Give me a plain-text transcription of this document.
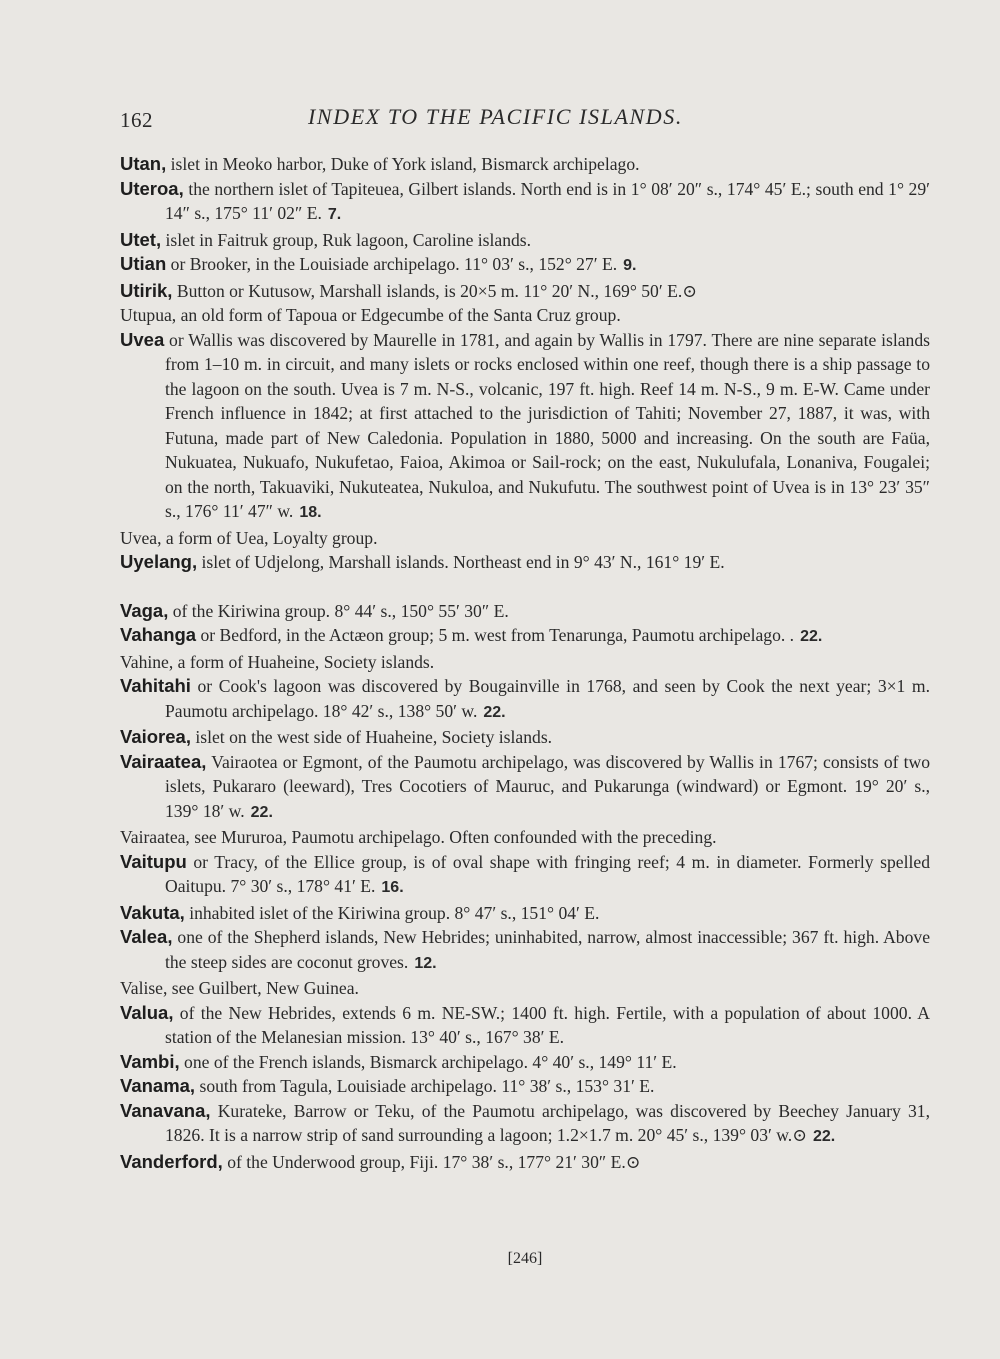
162	INDEX TO THE PACIFIC ISLANDS.

Utan, islet in Meoko harbor, Duke of York island, Bismarck archipelago.

Uteroa, the northern islet of Tapiteuea, Gilbert islands. North end is in 1° 08′ 20″ s., 174° 45′ E.; south end 1° 29′ 14″ s., 175° 11′ 02″ E. 7.

Utet, islet in Faitruk group, Ruk lagoon, Caroline islands.

Utian or Brooker, in the Louisiade archipelago. 11° 03′ s., 152° 27′ E. 9.

Utirik, Button or Kutusow, Marshall islands, is 20×5 m. 11° 20′ N., 169° 50′ E.⊙

Utupua, an old form of Tapoua or Edgecumbe of the Santa Cruz group.

Uvea or Wallis was discovered by Maurelle in 1781, and again by Wallis in 1797. There are nine separate islands from 1–10 m. in circuit, and many islets or rocks enclosed within one reef, though there is a ship passage to the lagoon on the south. Uvea is 7 m. N-S., volcanic, 197 ft. high. Reef 14 m. N-S., 9 m. E-W. Came under French influence in 1842; at first attached to the jurisdiction of Tahiti; November 27, 1887, it was, with Futuna, made part of New Caledonia. Population in 1880, 5000 and increasing. On the south are Faüa, Nukuatea, Nukuafo, Nukufetao, Faioa, Akimoa or Sail-rock; on the east, Nukulufala, Lonaniva, Fougalei; on the north, Takuaviki, Nukuteatea, Nukuloa, and Nukufutu. The southwest point of Uvea is in 13° 23′ 35″ s., 176° 11′ 47″ w. 18.

Uvea, a form of Uea, Loyalty group.

Uyelang, islet of Udjelong, Marshall islands. Northeast end in 9° 43′ N., 161° 19′ E.

Vaga, of the Kiriwina group. 8° 44′ s., 150° 55′ 30″ E.

Vahanga or Bedford, in the Actæon group; 5 m. west from Tenarunga, Paumotu archipelago. . 22.

Vahine, a form of Huaheine, Society islands.

Vahitahi or Cook's lagoon was discovered by Bougainville in 1768, and seen by Cook the next year; 3×1 m. Paumotu archipelago. 18° 42′ s., 138° 50′ w. 22.

Vaiorea, islet on the west side of Huaheine, Society islands.

Vairaatea, Vairaotea or Egmont, of the Paumotu archipelago, was discovered by Wallis in 1767; consists of two islets, Pukararo (leeward), Tres Cocotiers of Mauruc, and Pukarunga (windward) or Egmont. 19° 20′ s., 139° 18′ w. 22.

Vairaatea, see Mururoa, Paumotu archipelago. Often confounded with the preceding.

Vaitupu or Tracy, of the Ellice group, is of oval shape with fringing reef; 4 m. in diameter. Formerly spelled Oaitupu. 7° 30′ s., 178° 41′ E. 16.

Vakuta, inhabited islet of the Kiriwina group. 8° 47′ s., 151° 04′ E.

Valea, one of the Shepherd islands, New Hebrides; uninhabited, narrow, almost inaccessible; 367 ft. high. Above the steep sides are coconut groves. 12.

Valise, see Guilbert, New Guinea.

Valua, of the New Hebrides, extends 6 m. NE-SW.; 1400 ft. high. Fertile, with a population of about 1000. A station of the Melanesian mission. 13° 40′ s., 167° 38′ E.

Vambi, one of the French islands, Bismarck archipelago. 4° 40′ s., 149° 11′ E.

Vanama, south from Tagula, Louisiade archipelago. 11° 38′ s., 153° 31′ E.

Vanavana, Kurateke, Barrow or Teku, of the Paumotu archipelago, was discovered by Beechey January 31, 1826. It is a narrow strip of sand surrounding a lagoon; 1.2×1.7 m. 20° 45′ s., 139° 03′ w.⊙ 22.

Vanderford, of the Underwood group, Fiji. 17° 38′ s., 177° 21′ 30″ E.⊙

[246]
